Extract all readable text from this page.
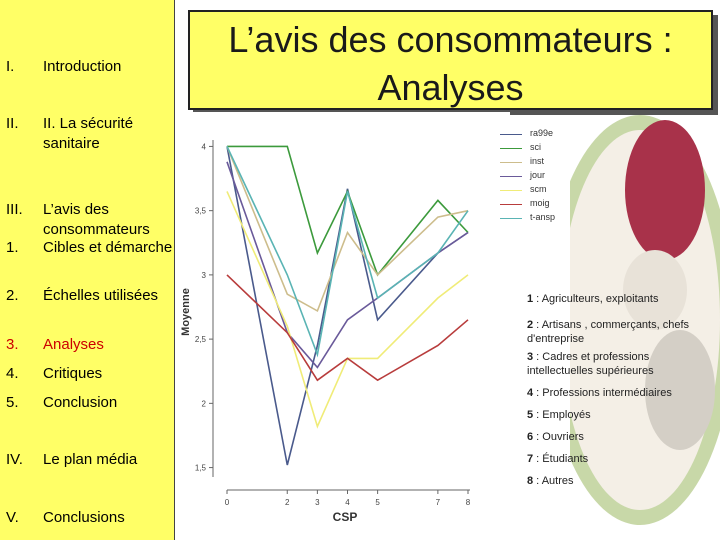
I. Introduction
II. II. La sécurité sanitaire
III. L’avis des consommateurs
1. Cibles et démarche
2. Échelles utilisées
3. Analyses
4. Critiques
5. Conclusion
IV. Le plan média
V. Conclusions
L’avis des consommateurs :
Analyses
1,5
2
2,5
3
3,5
4
0	2	3	4	5	7	8
CSP
Moyenne
ra99e
sci
inst
jour
scm
moig
t-ansp
1 : Agriculteurs, exploitants
2 : Artisans , commerçants, chefs d'entreprise
3 : Cadres et professions intellectuelles supérieures
4 : Professions intermédiaires
5 : Employés
6 : Ouvriers
7 : Étudiants
8 : Autres
